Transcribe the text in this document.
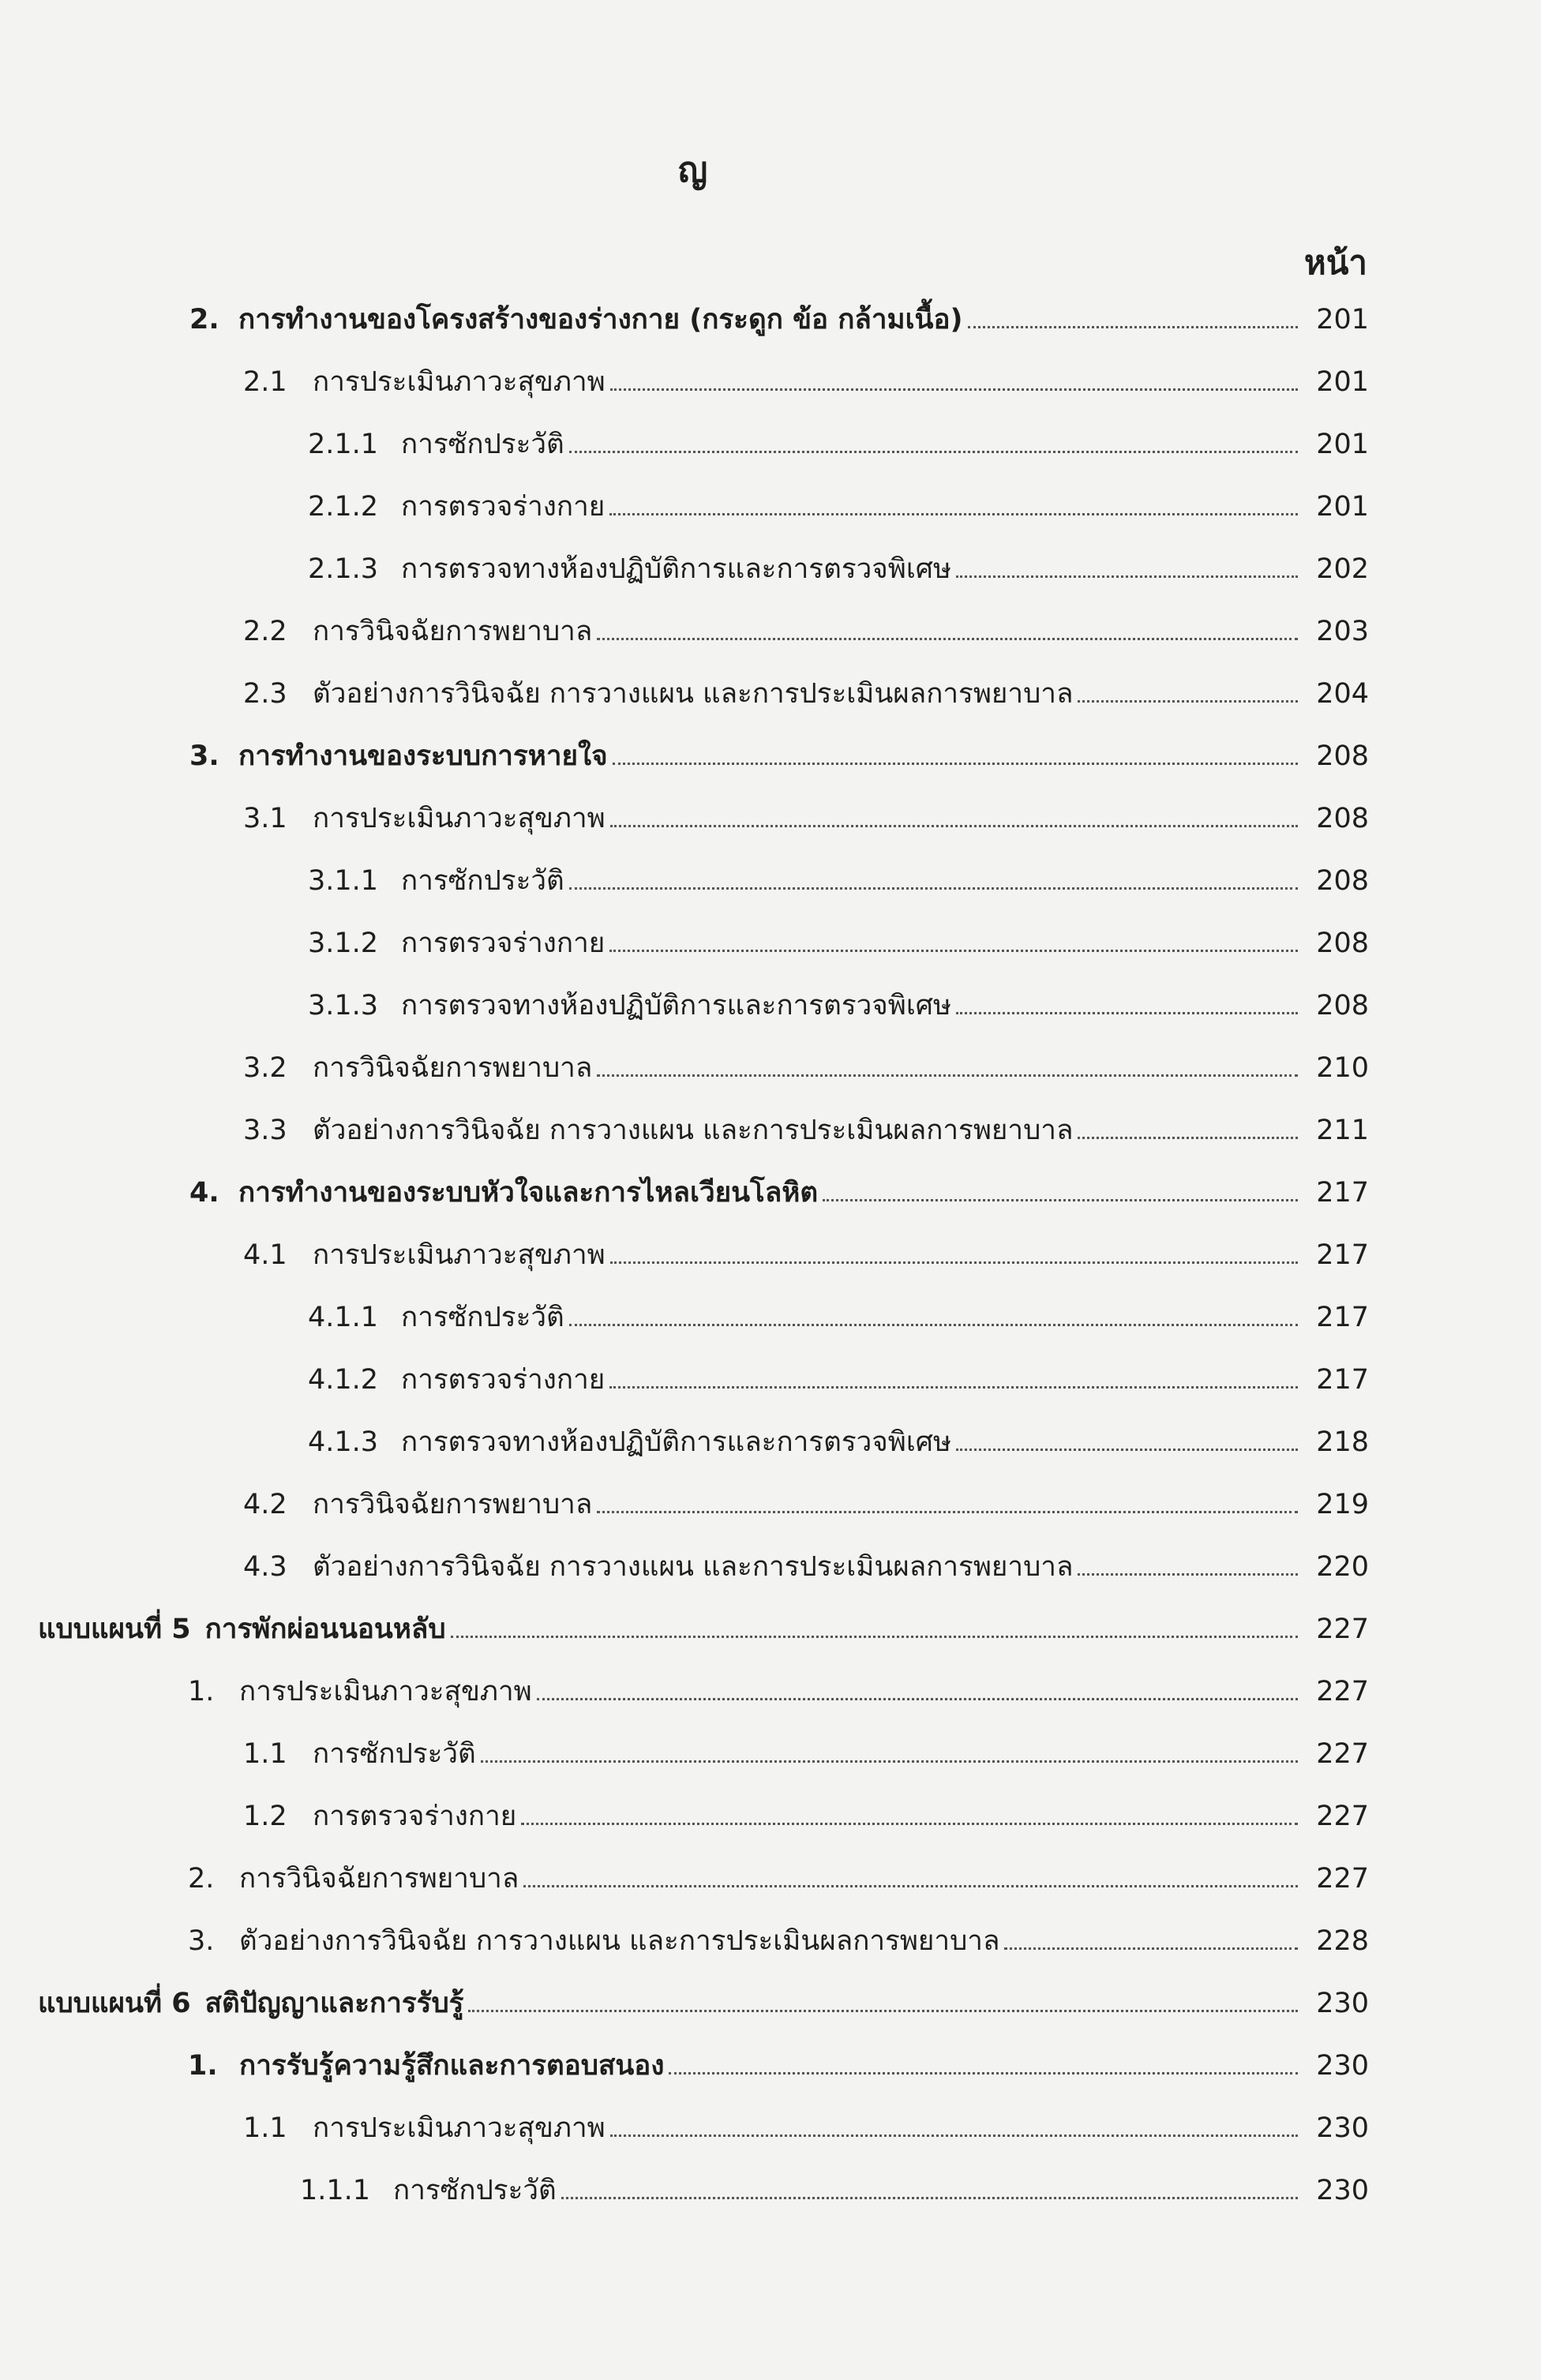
ญ
หน้า
2. การทำงานของโครงสร้างของร่างกาย (กระดูก ข้อ กล้ามเนื้อ)	201
2.1 การประเมินภาวะสุขภาพ	201
2.1.1 การซักประวัติ	201
2.1.2 การตรวจร่างกาย	201
2.1.3 การตรวจทางห้องปฏิบัติการและการตรวจพิเศษ	202
2.2 การวินิจฉัยการพยาบาล	203
2.3 ตัวอย่างการวินิจฉัย การวางแผน และการประเมินผลการพยาบาล	204
3. การทำงานของระบบการหายใจ	208
3.1 การประเมินภาวะสุขภาพ	208
3.1.1 การซักประวัติ	208
3.1.2 การตรวจร่างกาย	208
3.1.3 การตรวจทางห้องปฏิบัติการและการตรวจพิเศษ	208
3.2 การวินิจฉัยการพยาบาล	210
3.3 ตัวอย่างการวินิจฉัย การวางแผน และการประเมินผลการพยาบาล	211
4. การทำงานของระบบหัวใจและการไหลเวียนโลหิต	217
4.1 การประเมินภาวะสุขภาพ	217
4.1.1 การซักประวัติ	217
4.1.2 การตรวจร่างกาย	217
4.1.3 การตรวจทางห้องปฏิบัติการและการตรวจพิเศษ	218
4.2 การวินิจฉัยการพยาบาล	219
4.3 ตัวอย่างการวินิจฉัย การวางแผน และการประเมินผลการพยาบาล	220
แบบแผนที่ 5 การพักผ่อนนอนหลับ	227
1. การประเมินภาวะสุขภาพ	227
1.1 การซักประวัติ	227
1.2 การตรวจร่างกาย	227
2. การวินิจฉัยการพยาบาล	227
3. ตัวอย่างการวินิจฉัย การวางแผน และการประเมินผลการพยาบาล	228
แบบแผนที่ 6 สติปัญญาและการรับรู้	230
1. การรับรู้ความรู้สึกและการตอบสนอง	230
1.1 การประเมินภาวะสุขภาพ	230
1.1.1 การซักประวัติ	230
